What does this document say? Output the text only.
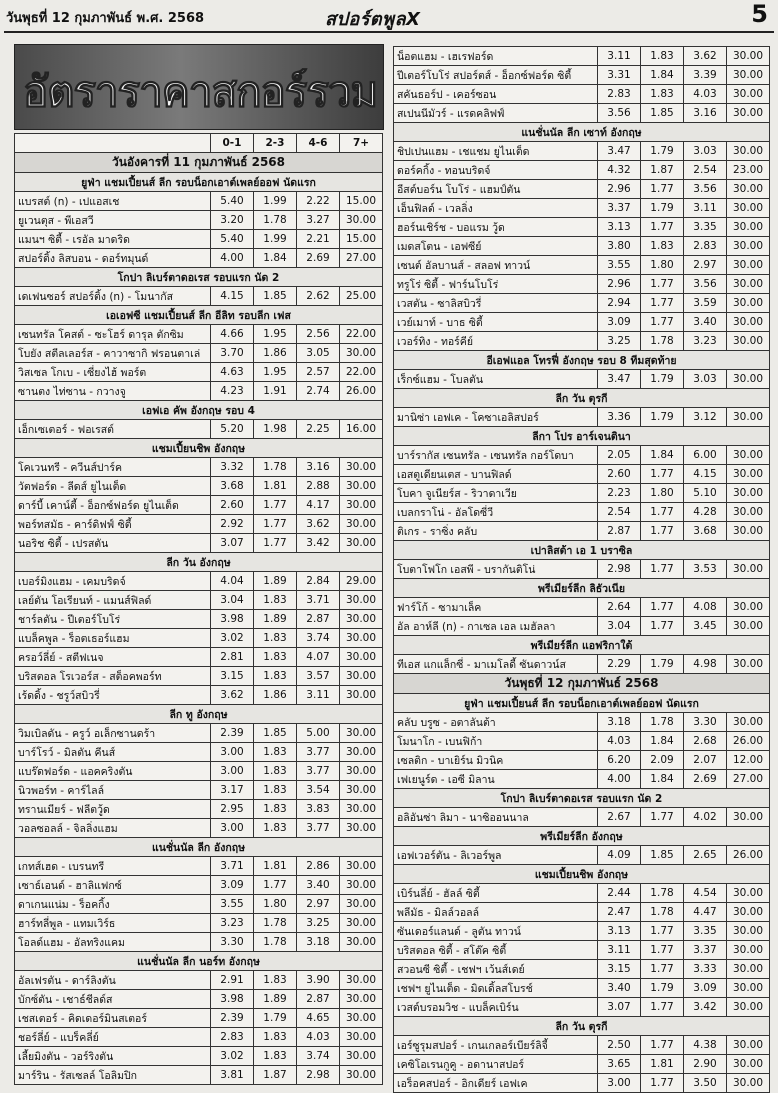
วันพุธที่ 12 กุมภาพันธ์ พ.ศ. 2568	สปอร์ตพูลX	5
อัตราราคาสกอร์รวม
	0-1	2-3	4-6	7+
วันอังคารที่ 11 กุมภาพันธ์ 2568				
ยูฟ่า แชมเปี้ยนส์ ลีก รอบน็อกเอาต์เพลย์ออฟ นัดแรก				
แบรสต์ (n) - เปแอสเช	5.40	1.99	2.22	15.00
ยูเวนตุส - พีเอสวี	3.20	1.78	3.27	30.00
แมนฯ ซิตี้ - เรอัล มาดริด	5.40	1.99	2.21	15.00
สปอร์ติ้ง ลิสบอน - ดอร์ทมุนด์	4.00	1.84	2.69	27.00
โกปา ลิเบร์ตาดอเรส รอบแรก นัด 2				
เดเฟนซอร์ สปอร์ติ้ง (n) - โมนากัส	4.15	1.85	2.62	25.00
เอเอฟซี แชมเปี้ยนส์ ลีก อีลิท รอบลีก เฟส				
เซนทรัล โคสต์ - ซะโฮร์ ดารุล ตักซิม	4.66	1.95	2.56	22.00
โบยัง สตีลเลอร์ส - คาวาซากิ ฟรอนตาเล่	3.70	1.86	3.05	30.00
วิสเซล โกเบ - เซี่ยงไฮ้ พอร์ต	4.63	1.95	2.57	22.00
ซานตง ไท่ซาน - กวางจู	4.23	1.91	2.74	26.00
เอฟเอ คัพ อังกฤษ รอบ 4				
เอ็กเซเตอร์ - ฟอเรสต์	5.20	1.98	2.25	16.00
แชมเปี้ยนชิพ อังกฤษ				
โคเวนทรี - ควีนส์ปาร์ค	3.32	1.78	3.16	30.00
วัตฟอร์ด - ลีดส์ ยูไนเต็ด	3.68	1.81	2.88	30.00
ดาร์บี้ เคาน์ตี้ - อ็อกซ์ฟอร์ด ยูไนเต็ด	2.60	1.77	4.17	30.00
พอร์ทสมัธ - คาร์ดิฟฟ์ ซิตี้	2.92	1.77	3.62	30.00
นอริช ซิตี้ - เปรสตัน	3.07	1.77	3.42	30.00
ลีก วัน อังกฤษ				
เบอร์มิงแฮม - เคมบริดจ์	4.04	1.89	2.84	29.00
เลย์ตัน โอเรียนท์ - แมนส์ฟิลด์	3.04	1.83	3.71	30.00
ชาร์ลตัน - ปีเตอร์โบโร่	3.98	1.89	2.87	30.00
แบล็คพูล - ร็อตเธอร์แฮม	3.02	1.83	3.74	30.00
ครอว์ลี่ย์ - สตีฟเนจ	2.81	1.83	4.07	30.00
บริสตอล โรเวอร์ส - สต็อคพอร์ท	3.15	1.83	3.57	30.00
เร้ดดิ้ง - ชรูว์สบิวรี่	3.62	1.86	3.11	30.00
ลีก ทู อังกฤษ				
วิมเบิลดัน - ครูว์ อเล็กซานดร้า	2.39	1.85	5.00	30.00
บาร์โรว์ - มิลตัน คีนส์	3.00	1.83	3.77	30.00
แบร๊ดฟอร์ด - แอคคริงตัน	3.00	1.83	3.77	30.00
นิวพอร์ท - คาร์ไลล์	3.17	1.83	3.54	30.00
ทรานเมียร์ - ฟลีตวู้ด	2.95	1.83	3.83	30.00
วอลซอลล์ - จิลลิ่งแฮม	3.00	1.83	3.77	30.00
แนชั่นนัล ลีก อังกฤษ				
เกทส์เฮด - เบรนทรี	3.71	1.81	2.86	30.00
เซาธ์เอนด์ - ฮาลิแฟกซ์	3.09	1.77	3.40	30.00
ดาเกนแน่ม - ร็อคกิ้ง	3.55	1.80	2.97	30.00
ฮาร์ทลี่พูล - แทมเวิร์ธ	3.23	1.78	3.25	30.00
โอลด์แฮม - อัลทริงแคม	3.30	1.78	3.18	30.00
แนชั่นนัล ลีก นอร์ท อังกฤษ				
อัลเฟรตัน - ดาร์ลิงตัน	2.91	1.83	3.90	30.00
บักซ์ตัน - เชาธ์ชีลด์ส	3.98	1.89	2.87	30.00
เชสเตอร์ - คิดเดอร์มินสเตอร์	2.39	1.79	4.65	30.00
ชอร์ลี่ย์ - แบร็คลี่ย์	2.83	1.83	4.03	30.00
เลี้ยมิงตัน - วอร์ริงตัน	3.02	1.83	3.74	30.00
มาร์ริน - รัสเซลล์ โอลิมปิก	3.81	1.87	2.98	30.00
น็อตแฮม - เฮเรฟอร์ด	3.11	1.83	3.62	30.00
ปีเตอร์โบโร่ สปอร์ตส์ - อ็อกซ์ฟอร์ด ซิตี้	3.31	1.84	3.39	30.00
สคันธอร์ป - เคอร์ซอน	2.83	1.83	4.03	30.00
สเปนนีมัวร์ - แรดคลิฟฟ์	3.56	1.85	3.16	30.00
แนชั่นนัล ลีก เซาท์ อังกฤษ				
ชิปเปนแฮม - เชแชม ยูไนเต็ด	3.47	1.79	3.03	30.00
ดอร์คกิ้ง - ทอนบริดจ์	4.32	1.87	2.54	23.00
อีสต์บอร์น โบโร่ - แฮมป์ตัน	2.96	1.77	3.56	30.00
เอ็นฟิลด์ - เวลลิ่ง	3.37	1.79	3.11	30.00
ฮอร์นเชิร์ช - บอแรม วู้ด	3.13	1.77	3.35	30.00
เมดสโตน - เอฟซีย์	3.80	1.83	2.83	30.00
เซนต์ อัลบานส์ - สลอฟ ทาวน์	3.55	1.80	2.97	30.00
ทรูโร่ ซิตี้ - ฟาร์นโบโร่	2.96	1.77	3.56	30.00
เวสตัน - ซาลิสบิวรี่	2.94	1.77	3.59	30.00
เวย์เมาท์ - บาธ ซิตี้	3.09	1.77	3.40	30.00
เวอร์ทิง - ทอร์คีย์	3.25	1.78	3.23	30.00
อีเอฟแอล โทรฟี่ อังกฤษ รอบ 8 ทีมสุดท้าย				
เร็กซ์แฮม - โบลตัน	3.47	1.79	3.03	30.00
ลีก วัน ตุรกี				
มานิซ่า เอฟเค - โคซาเอลิสปอร์	3.36	1.79	3.12	30.00
ลีกา โปร อาร์เจนตินา				
บาร์รากัส เซนทรัล - เซนทรัล กอร์โดบา	2.05	1.84	6.00	30.00
เอสตูเดียนเตส - บานฟิลด์	2.60	1.77	4.15	30.00
โบคา จูเนียร์ส - ริวาดาเวีย	2.23	1.80	5.10	30.00
เบลกราโน่ - อัลโดซี่วี	2.54	1.77	4.28	30.00
ติเกร - ราซิ่ง คลับ	2.87	1.77	3.68	30.00
เปาลิสต้า เอ 1 บราซิล				
โบตาโฟโก เอสพี - บรากันติโน่	2.98	1.77	3.53	30.00
พรีเมียร์ลีก ลิธัวเนีย				
ฟาร์โก้ - ซามาเล็ค	2.64	1.77	4.08	30.00
อัล อาห์ลี (n) - กาเซล เอล เมฮัลลา	3.04	1.77	3.45	30.00
พรีเมียร์ลีก แอฟริกาใต้				
ทีเอส แกแล็กซี่ - มาเมโลดี้ ซันดาวน์ส	2.29	1.79	4.98	30.00
วันพุธที่ 12 กุมภาพันธ์ 2568				
ยูฟ่า แชมเปี้ยนส์ ลีก รอบน็อกเอาต์เพลย์ออฟ นัดแรก				
คลับ บรูซ - อตาลันต้า	3.18	1.78	3.30	30.00
โมนาโก - เบนฟิก้า	4.03	1.84	2.68	26.00
เซลติก - บาเยิร์น มิวนิค	6.20	2.09	2.07	12.00
เฟเยนูร์ด - เอซี มิลาน	4.00	1.84	2.69	27.00
โกปา ลิเบร์ตาดอเรส รอบแรก นัด 2				
อลิอันซ่า ลิมา - นาซิออนนาล	2.67	1.77	4.02	30.00
พรีเมียร์ลีก อังกฤษ				
เอฟเวอร์ตัน - ลิเวอร์พูล	4.09	1.85	2.65	26.00
แชมเปี้ยนชิพ อังกฤษ				
เบิร์นลี่ย์ - ฮัลล์ ซิตี้	2.44	1.78	4.54	30.00
พลีมัธ - มิลล์วอลล์	2.47	1.78	4.47	30.00
ซันเดอร์แลนด์ - ลูตัน ทาวน์	3.13	1.77	3.35	30.00
บริสตอล ซิตี้ - สโต๊ค ซิตี้	3.11	1.77	3.37	30.00
สวอนซี ซิตี้ - เชฟฯ เว้นส์เดย์	3.15	1.77	3.33	30.00
เชฟฯ ยูไนเต็ด - มิดเดิ้ลสโบรช์	3.40	1.79	3.09	30.00
เวสต์บรอมวิช - แบล็คเบิร์น	3.07	1.77	3.42	30.00
ลีก วัน ตุรกี				
เอร์ซูรุมสปอร์ - เกนเกลอร์เบียร์ลิจี้	2.50	1.77	4.38	30.00
เคซิโอเรนกูคู - อดานาสปอร์	3.65	1.81	2.90	30.00
เอร็อคสปอร์ - อิกเดียร์ เอฟเค	3.00	1.77	3.50	30.00
